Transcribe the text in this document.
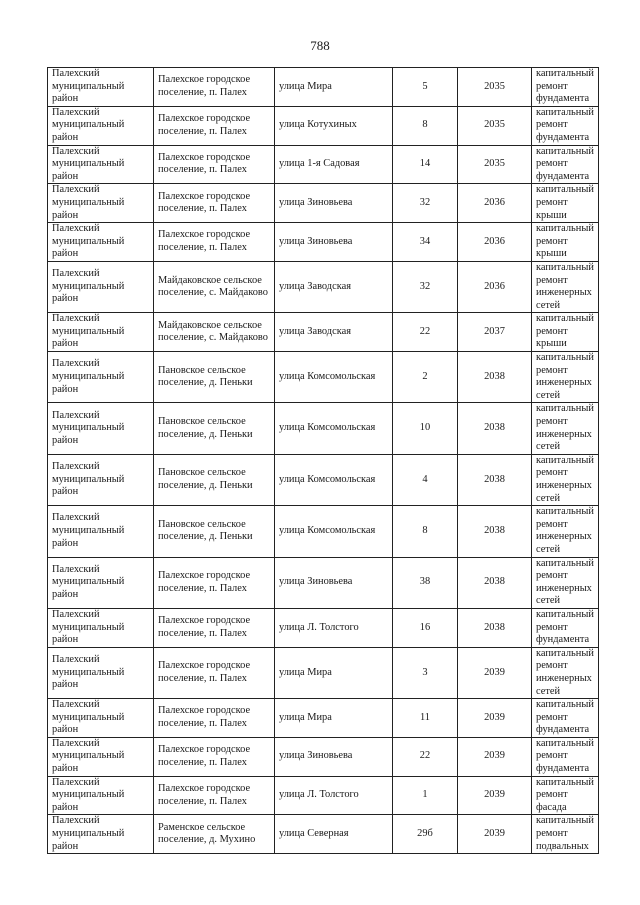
788
Палехский муниципальный район	Палехское городское поселение, п. Палех	улица Мира	5	2035	капитальный ремонт фундамента
Палехский муниципальный район	Палехское городское поселение, п. Палех	улица Котухиных	8	2035	капитальный ремонт фундамента
Палехский муниципальный район	Палехское городское поселение, п. Палех	улица 1-я Садовая	14	2035	капитальный ремонт фундамента
Палехский муниципальный район	Палехское городское поселение, п. Палех	улица Зиновьева	32	2036	капитальный ремонт крыши
Палехский муниципальный район	Палехское городское поселение, п. Палех	улица Зиновьева	34	2036	капитальный ремонт крыши
Палехский муниципальный район	Майдаковское сельское поселение, с. Майдаково	улица Заводская	32	2036	капитальный ремонт инженерных сетей
Палехский муниципальный район	Майдаковское сельское поселение, с. Майдаково	улица Заводская	22	2037	капитальный ремонт крыши
Палехский муниципальный район	Пановское сельское поселение, д. Пеньки	улица Комсомольская	2	2038	капитальный ремонт инженерных сетей
Палехский муниципальный район	Пановское сельское поселение, д. Пеньки	улица Комсомольская	10	2038	капитальный ремонт инженерных сетей
Палехский муниципальный район	Пановское сельское поселение, д. Пеньки	улица Комсомольская	4	2038	капитальный ремонт инженерных сетей
Палехский муниципальный район	Пановское сельское поселение, д. Пеньки	улица Комсомольская	8	2038	капитальный ремонт инженерных сетей
Палехский муниципальный район	Палехское городское поселение, п. Палех	улица Зиновьева	38	2038	капитальный ремонт инженерных сетей
Палехский муниципальный район	Палехское городское поселение, п. Палех	улица Л. Толстого	16	2038	капитальный ремонт фундамента
Палехский муниципальный район	Палехское городское поселение, п. Палех	улица Мира	3	2039	капитальный ремонт инженерных сетей
Палехский муниципальный район	Палехское городское поселение, п. Палех	улица Мира	11	2039	капитальный ремонт фундамента
Палехский муниципальный район	Палехское городское поселение, п. Палех	улица Зиновьева	22	2039	капитальный ремонт фундамента
Палехский муниципальный район	Палехское городское поселение, п. Палех	улица Л. Толстого	1	2039	капитальный ремонт фасада
Палехский муниципальный район	Раменское сельское поселение, д. Мухино	улица Северная	29б	2039	капитальный ремонт подвальных
